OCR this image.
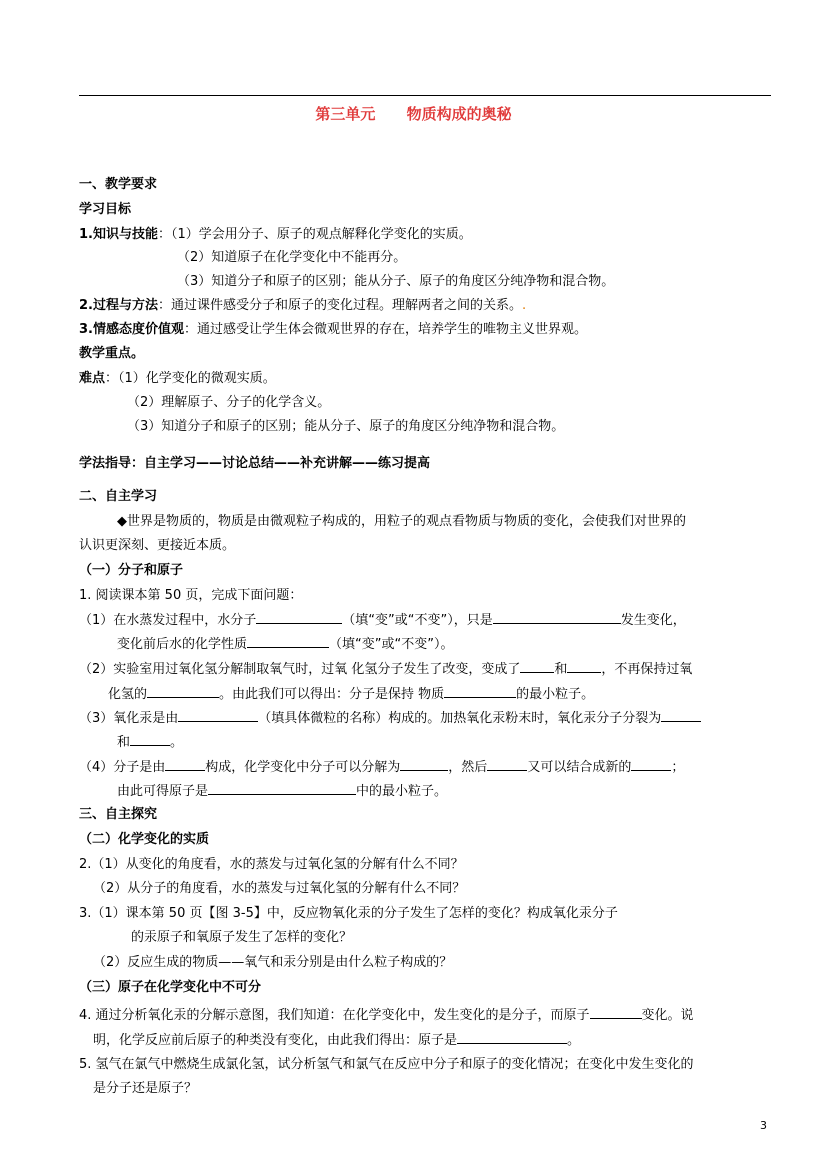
第三单元      物质构成的奥秘
一、教学要求
学习目标
1.知识与技能：（1）学会用分子、原子的观点解释化学变化的实质。
（2）知道原子在化学变化中不能再分。
（3）知道分子和原子的区别；能从分子、原子的角度区分纯净物和混合物。
2.过程与方法：通过课件感受分子和原子的变化过程。理解两者之间的关系。.
3.情感态度价值观：通过感受让学生体会微观世界的存在，培养学生的唯物主义世界观。
教学重点。
难点：（1）化学变化的微观实质。
（2）理解原子、分子的化学含义。
（3）知道分子和原子的区别；能从分子、原子的角度区分纯净物和混合物。
学法指导：自主学习——讨论总结——补充讲解——练习提高
二、自主学习
◆世界是物质的，物质是由微观粒子构成的，用粒子的观点看物质与物质的变化，会使我们对世界的
认识更深刻、更接近本质。
（一）分子和原子
1. 阅读课本第 50 页，完成下面问题：
（1）在水蒸发过程中，水分子	（填“变”或“不变”），只是	发生变化，
变化前后水的化学性质	（填“变”或“不变”）。
（2）实验室用过氧化氢分解制取氧气时，过氧 化氢分子发生了改变，变成了	和	，不再保持过氧
化氢的	。由此我们可以得出：分子是保持 物质	的最小粒子。
（3）氧化汞是由	（填具体微粒的名称）构成的。加热氧化汞粉末时，氧化汞分子分裂为
和	。
（4）分子是由	构成，化学变化中分子可以分解为	，然后	又可以结合成新的	；
由此可得原子是	中的最小粒子。
三、自主探究
（二）化学变化的实质
2.（1）从变化的角度看，水的蒸发与过氧化氢的分解有什么不同？
（2）从分子的角度看，水的蒸发与过氧化氢的分解有什么不同？
3.（1）课本第 50 页【图 3-5】中，反应物氧化汞的分子发生了怎样的变化？构成氧化汞分子
的汞原子和氧原子发生了怎样的变化？
（2）反应生成的物质——氧气和汞分别是由什么粒子构成的？
（三）原子在化学变化中不可分
4. 通过分析氧化汞的分解示意图，我们知道：在化学变化中，发生变化的是分子，而原子	变化。说
明，化学反应前后原子的种类没有变化，由此我们得出：原子是	。
5. 氢气在氯气中燃烧生成氯化氢，试分析氢气和氯气在反应中分子和原子的变化情况；在变化中发生变化的
是分子还是原子？
3
